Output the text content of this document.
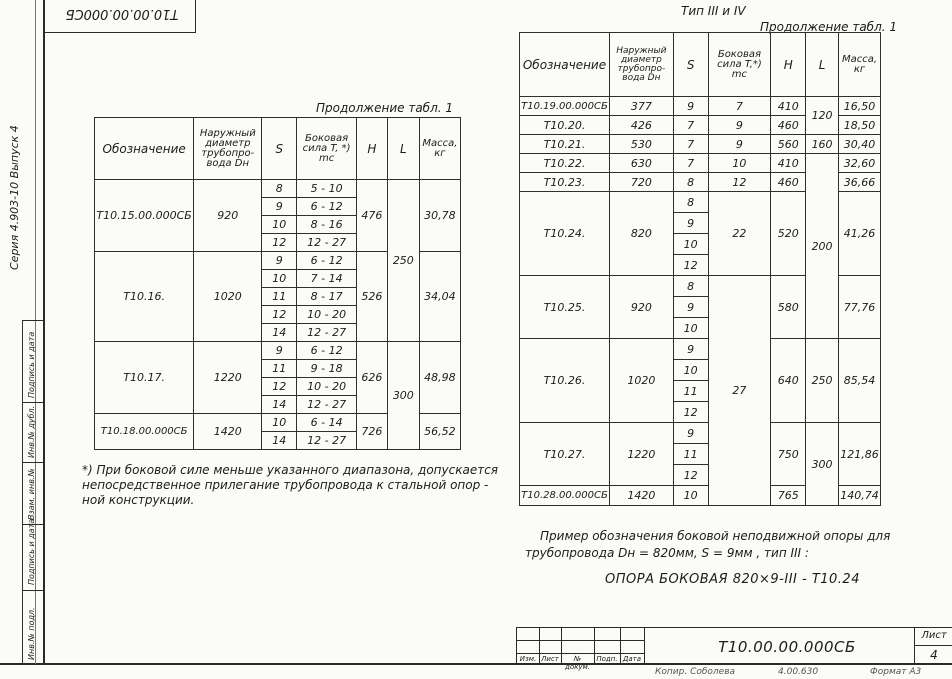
Т10.00.00.000СБ
Серия 4.903-10 Выпуск 4
Инв.№ подл.
Подпись и дата
Взам. инв.№
Инв.№ дубл.
Подпись и дата
Продолжение табл. 1
Обозначение	Наружный диаметр трубопро-вода Dн	S	Боковая сила T, *) mc	H	L	Масса, кг
T10.15.00.000СБ	920	8	5 - 10	476	250	30,78
		9	6 - 12			
		10	8 - 16			
		12	12 - 27			
T10.16.	1020	9	6 - 12	526		34,04
		10	7 - 14			
		11	8 - 17			
		12	10 - 20			
		14	12 - 27			
T10.17.	1220	9	6 - 12	626	300	48,98
		11	9 - 18			
		12	10 - 20			
		14	12 - 27			
T10.18.00.000СБ	1420	10	6 - 14	726		56,52
		14	12 - 27			
*) При боковой силе меньше указанного диапазона, допускается непосредственное прилегание трубопровода к стальной опор - ной конструкции.
Тип III и IV
Продолжение табл. 1
Обозначение	Наружный диаметр трубопро-вода Dн	S	Боковая сила T,*) mc	H	L	Масса, кг
T10.19.00.000СБ	377	9	7	410	120	16,50
T10.20.	426	7	9	460		18,50
T10.21.	530	7	9	560	160	30,40
T10.22.	630	7	10	410	200	32,60
T10.23.	720	8	12	460		36,66
T10.24.	820	8	22	520		41,26
		9				
		10				
		12				
T10.25.	920	8	27	580		77,76
		9				
		10				
T10.26.	1020	9		640	250	85,54
		10				
		11				
		12				
T10.27.	1220	9		750	300	121,86
		11				
		12				
T10.28.00.000СБ	1420	10		765		140,74
Пример обозначения боковой неподвижной опоры для трубопровода Dн = 820мм, S = 9мм , тип III :
ОПОРА БОКОВАЯ 820×9-III - T10.24
Изм. Лист	№ докум.
Подп. Дата
T10.00.00.000СБ
Лист
4
Копир. Соболева	4.00.630	Формат А3
